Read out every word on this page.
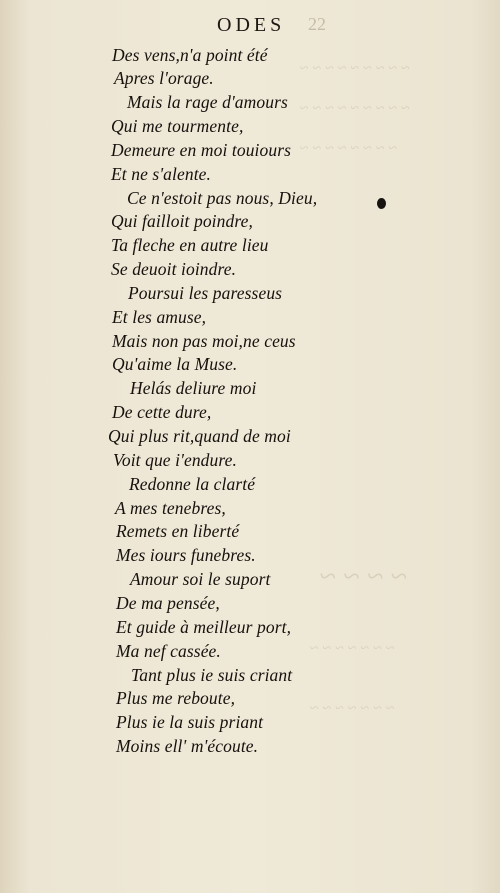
~ ~ ~ ~ ~ ~ ~ ~ ~
~ ~ ~ ~ ~ ~ ~ ~ ~
~ ~ ~ ~ ~ ~ ~ ~
~ ~ ~ ~
~ ~ ~ ~ ~ ~ ~
~ ~ ~ ~ ~ ~ ~
ODES 22
Des vens,n'a point été
Apres l'orage.
Mais la rage d'amours
Qui me tourmente,
Demeure en moi touiours
Et ne s'alente.
Ce n'estoit pas nous, Dieu,
Qui failloit poindre,
Ta fleche en autre lieu
Se deuoit ioindre.
Poursui les paresseus
Et les amuse,
Mais non pas moi,ne ceus
Qu'aime la Muse.
Helás deliure moi
De cette dure,
Qui plus rit,quand de moi
Voit que i'endure.
Redonne la clarté
A mes tenebres,
Remets en liberté
Mes iours funebres.
Amour soi le suport
De ma pensée,
Et guide à meilleur port,
Ma nef cassée.
Tant plus ie suis criant
Plus me reboute,
Plus ie la suis priant
Moins ell' m'écoute.
